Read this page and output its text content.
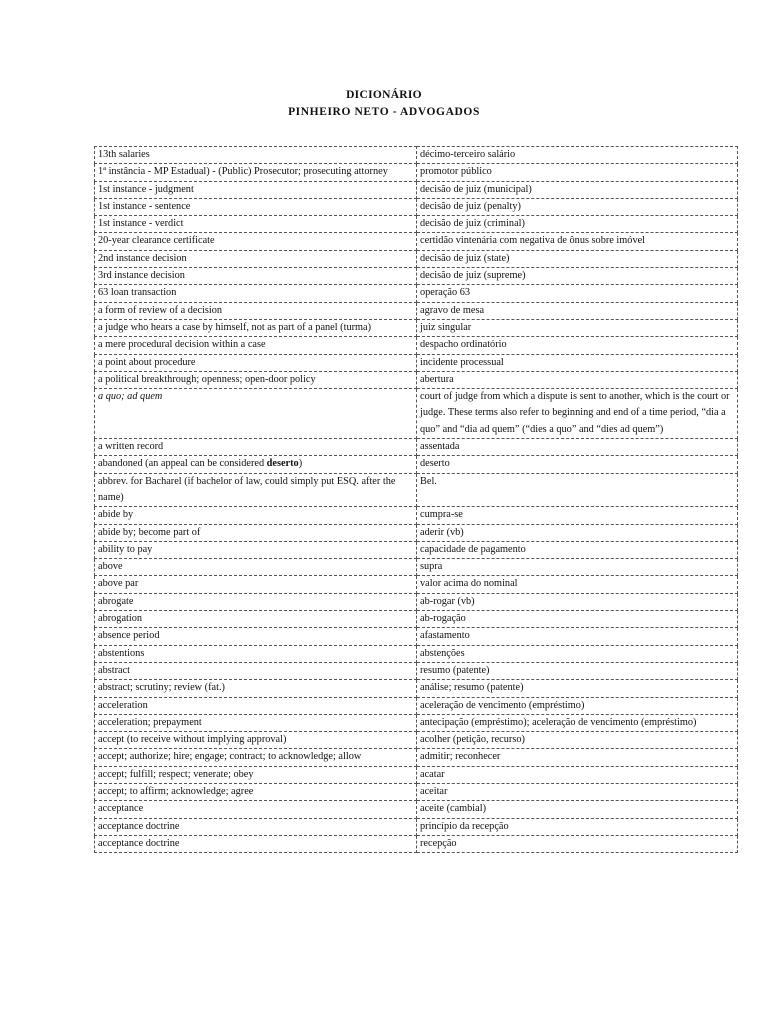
DICIONÁRIO
PINHEIRO NETO - ADVOGADOS
13th salaries	décimo-terceiro salário
1ª instância - MP Estadual) - (Public) Prosecutor; prosecuting attorney	promotor público
1st instance - judgment	decisão de juiz (municipal)
1st instance - sentence	decisão de juiz (penalty)
1st instance - verdict	decisão de juiz (criminal)
20-year clearance certificate	certidão vintenária com negativa de ônus sobre imóvel
2nd instance decision	decisão de juiz (state)
3rd instance decision	decisão de juiz (supreme)
63 loan transaction	operação 63
a form of review of a decision	agravo de mesa
a judge who hears a case by himself, not as part of a panel (turma)	juiz singular
a mere procedural decision within a case	despacho ordinatório
a point about procedure	incidente processual
a political breakthrough; openness; open-door policy	abertura
a quo; ad quem	court of judge from which a dispute is sent to another, which is the court or judge. These terms also refer to beginning and end of a time period, “dia a quo” and “dia ad quem” (“dies a quo” and “dies ad quem”)
a written record	assentada
abandoned (an appeal can be considered deserto)	deserto
abbrev. for Bacharel (if bachelor of law, could simply put ESQ. after the name)	Bel.
abide by	cumpra-se
abide by; become part of	aderir (vb)
ability to pay	capacidade de pagamento
above	supra
above par	valor acima do nominal
abrogate	ab-rogar (vb)
abrogation	ab-rogação
absence period	afastamento
abstentions	abstenções
abstract	resumo (patente)
abstract; scrutiny; review (fat.)	análise; resumo (patente)
acceleration	aceleração de vencimento (empréstimo)
acceleration; prepayment	antecipação (empréstimo); aceleração de vencimento (empréstimo)
accept (to receive without implying approval)	acolher (petição, recurso)
accept; authorize; hire; engage; contract; to acknowledge; allow	admitir; reconhecer
accept; fulfill; respect; venerate; obey	acatar
accept; to affirm; acknowledge; agree	aceitar
acceptance	aceite (cambial)
acceptance doctrine	princípio da recepção
acceptance doctrine	recepção
